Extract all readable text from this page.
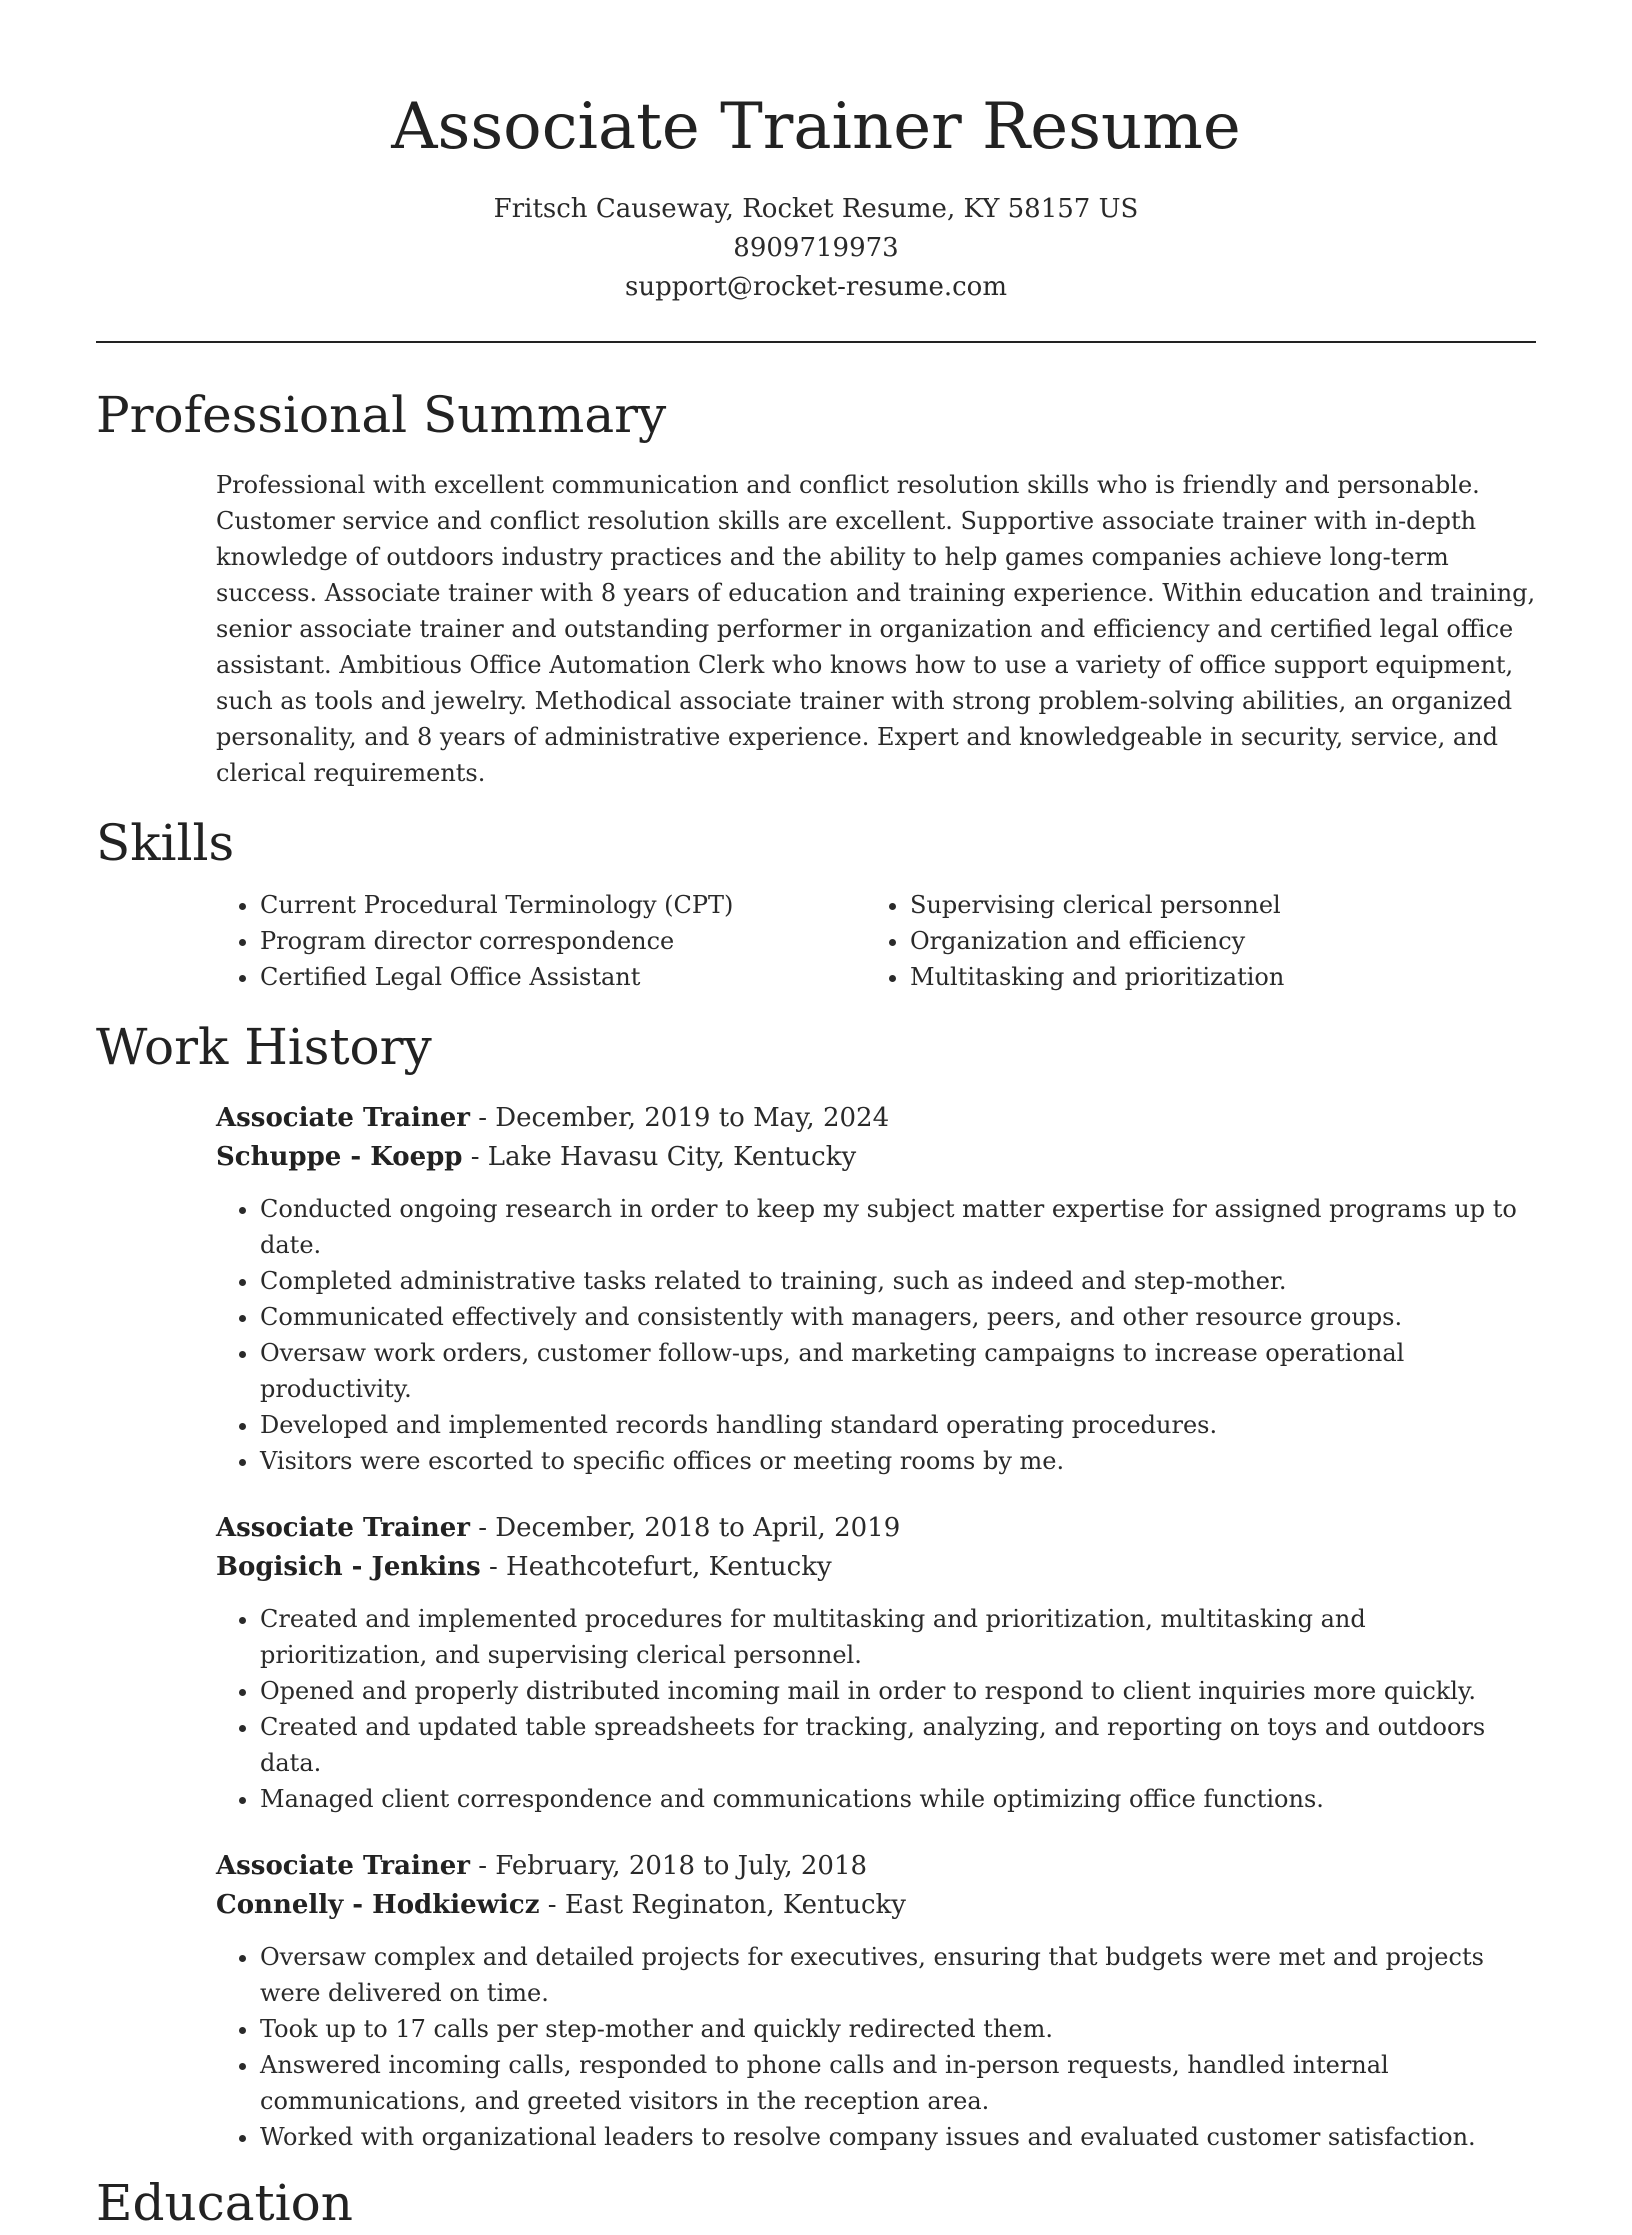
Associate Trainer Resume
Fritsch Causeway, Rocket Resume, KY 58157 US
8909719973
support@rocket-resume.com
Professional Summary

Professional with excellent communication and conflict resolution skills who is friendly and personable. Customer service and conflict resolution skills are excellent. Supportive associate trainer with in-depth knowledge of outdoors industry practices and the ability to help games companies achieve long-term success. Associate trainer with 8 years of education and training experience. Within education and training, senior associate trainer and outstanding performer in organization and efficiency and certified legal office assistant. Ambitious Office Automation Clerk who knows how to use a variety of office support equipment, such as tools and jewelry. Methodical associate trainer with strong problem-solving abilities, an organized personality, and 8 years of administrative experience. Expert and knowledgeable in security, service, and clerical requirements.

Skills
• Current Procedural Terminology (CPT)
• Program director correspondence
• Certified Legal Office Assistant
• Supervising clerical personnel
• Organization and efficiency
• Multitasking and prioritization
Work History
Associate Trainer - December, 2019 to May, 2024
Schuppe - Koepp - Lake Havasu City, Kentucky
• Conducted ongoing research in order to keep my subject matter expertise for assigned programs up to date.
• Completed administrative tasks related to training, such as indeed and step-mother.
• Communicated effectively and consistently with managers, peers, and other resource groups.
• Oversaw work orders, customer follow-ups, and marketing campaigns to increase operational productivity.
• Developed and implemented records handling standard operating procedures.
• Visitors were escorted to specific offices or meeting rooms by me.
Associate Trainer - December, 2018 to April, 2019
Bogisich - Jenkins - Heathcotefurt, Kentucky
• Created and implemented procedures for multitasking and prioritization, multitasking and prioritization, and supervising clerical personnel.
• Opened and properly distributed incoming mail in order to respond to client inquiries more quickly.
• Created and updated table spreadsheets for tracking, analyzing, and reporting on toys and outdoors data.
• Managed client correspondence and communications while optimizing office functions.
Associate Trainer - February, 2018 to July, 2018
Connelly - Hodkiewicz - East Reginaton, Kentucky
• Oversaw complex and detailed projects for executives, ensuring that budgets were met and projects were delivered on time.
• Took up to 17 calls per step-mother and quickly redirected them.
• Answered incoming calls, responded to phone calls and in-person requests, handled internal communications, and greeted visitors in the reception area.
• Worked with organizational leaders to resolve company issues and evaluated customer satisfaction.
Education
